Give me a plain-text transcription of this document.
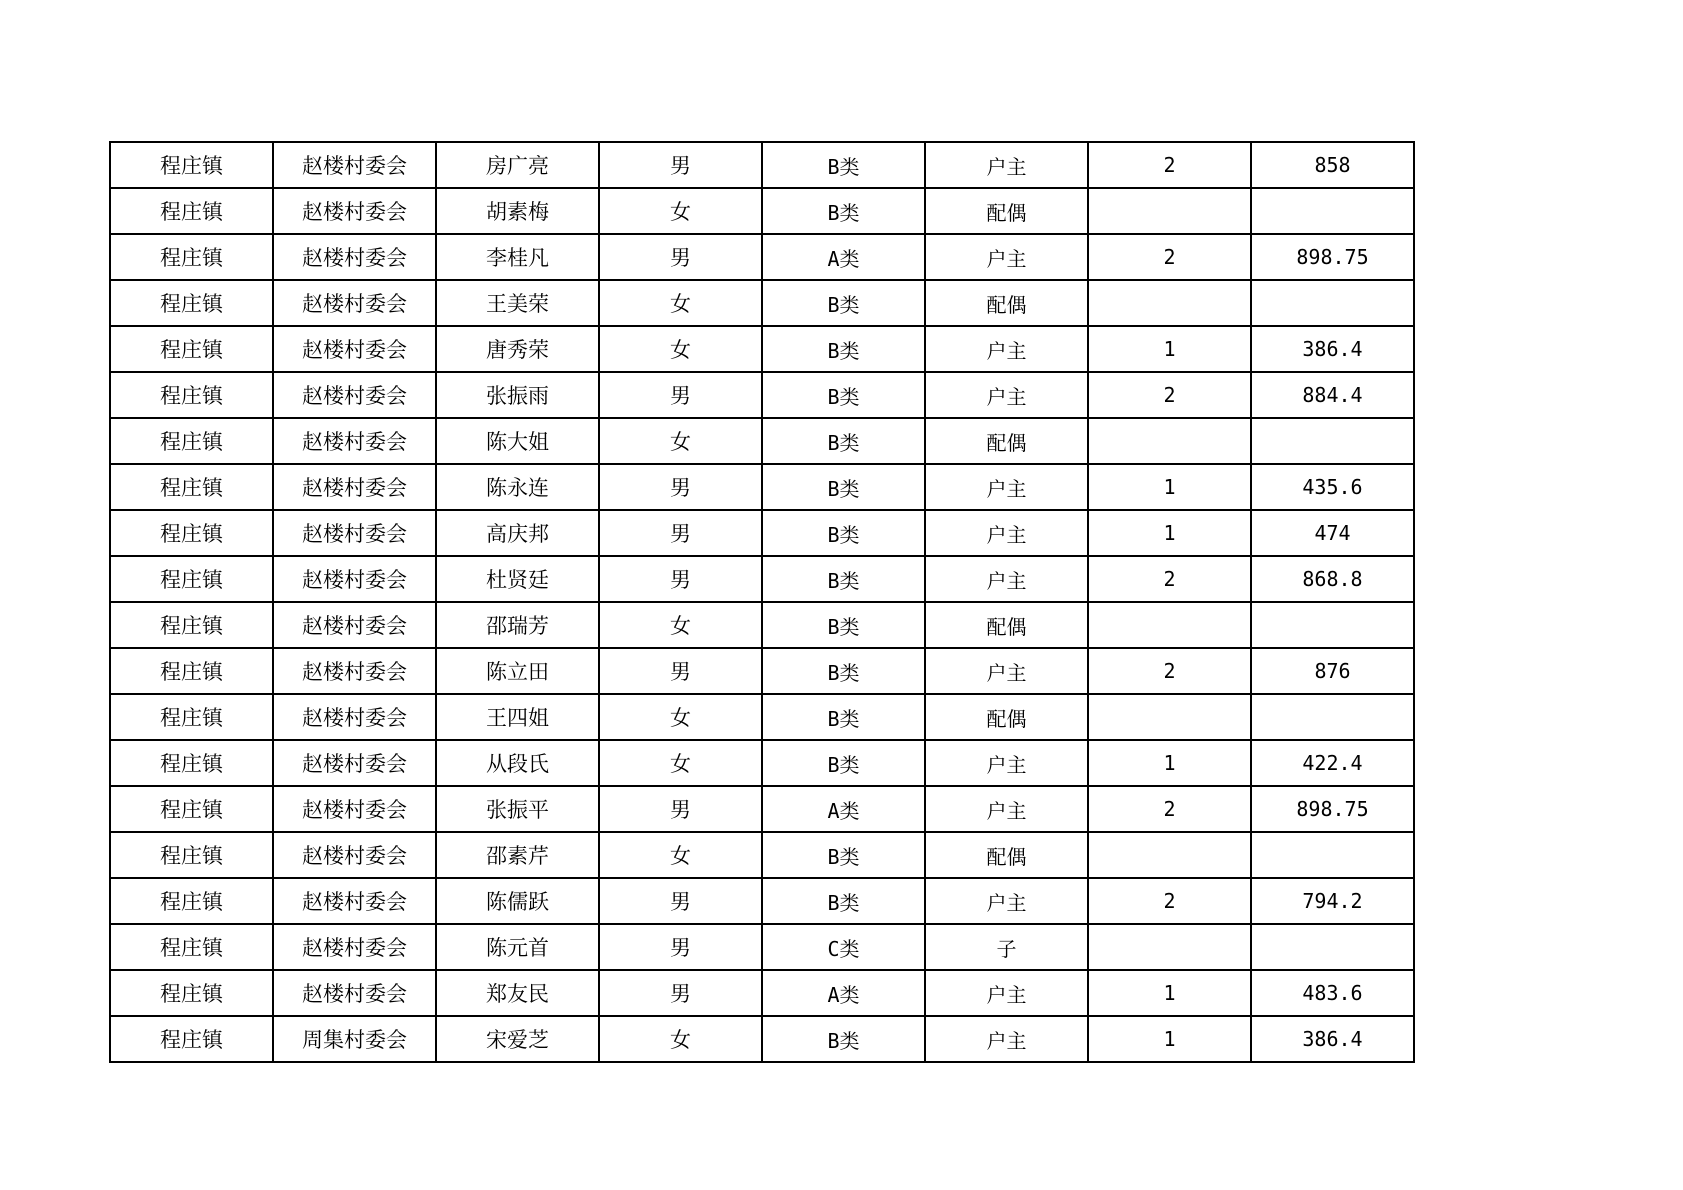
程庄镇	赵楼村委会	房广亮	男	B类	户主	2	858
程庄镇	赵楼村委会	胡素梅	女	B类	配偶		
程庄镇	赵楼村委会	李桂凡	男	A类	户主	2	898.75
程庄镇	赵楼村委会	王美荣	女	B类	配偶		
程庄镇	赵楼村委会	唐秀荣	女	B类	户主	1	386.4
程庄镇	赵楼村委会	张振雨	男	B类	户主	2	884.4
程庄镇	赵楼村委会	陈大姐	女	B类	配偶		
程庄镇	赵楼村委会	陈永连	男	B类	户主	1	435.6
程庄镇	赵楼村委会	高庆邦	男	B类	户主	1	474
程庄镇	赵楼村委会	杜贤廷	男	B类	户主	2	868.8
程庄镇	赵楼村委会	邵瑞芳	女	B类	配偶		
程庄镇	赵楼村委会	陈立田	男	B类	户主	2	876
程庄镇	赵楼村委会	王四姐	女	B类	配偶		
程庄镇	赵楼村委会	从段氏	女	B类	户主	1	422.4
程庄镇	赵楼村委会	张振平	男	A类	户主	2	898.75
程庄镇	赵楼村委会	邵素芹	女	B类	配偶		
程庄镇	赵楼村委会	陈儒跃	男	B类	户主	2	794.2
程庄镇	赵楼村委会	陈元首	男	C类	子		
程庄镇	赵楼村委会	郑友民	男	A类	户主	1	483.6
程庄镇	周集村委会	宋爱芝	女	B类	户主	1	386.4
